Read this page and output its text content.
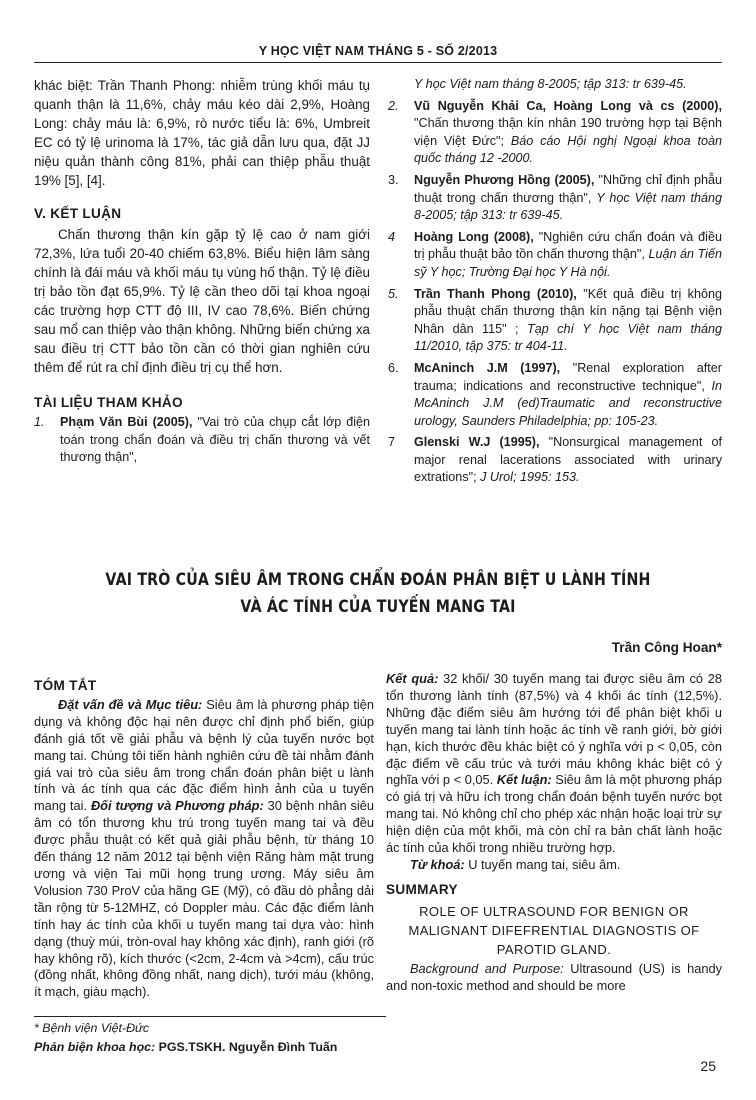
Y HỌC VIỆT NAM THÁNG 5 - SỐ 2/2013

khác biệt: Trần Thanh Phong: nhiễm trùng khối máu tụ quanh thận là 11,6%, chảy máu kéo dài 2,9%, Hoàng Long: chảy máu là: 6,9%, rò nước tiểu là: 6%, Umbreit EC có tỷ lệ urinoma là 17%, tác giả dẫn lưu qua, đặt JJ niệu quản thành công 81%, phải can thiệp phẫu thuật 19% [5], [4].

V. KẾT LUẬN

Chấn thương thận kín gặp tỷ lệ cao ở nam giới 72,3%, lứa tuổi 20-40 chiếm 63,8%. Biểu hiện lâm sàng chính là đái máu và khối máu tụ vùng hố thận. Tỷ lệ điều trị bảo tồn đạt 65,9%. Tỷ lệ cần theo dõi tại khoa ngoại các trường hợp CTT độ III, IV cao 78,6%. Biến chứng sau mổ can thiệp vào thận không. Những biến chứng xa sau điều trị CTT bảo tồn cần có thời gian nghiên cứu thêm để rút ra chỉ định điều trị cụ thể hơn.

TÀI LIỆU THAM KHẢO

1.	Phạm Văn Bùi (2005), "Vai trò của chụp cắt lớp điện toán trong chẩn đoán và điều trị chấn thương và vết thương thận",
Y học Việt nam tháng 8-2005; tập 313: tr 639-45.
2.	Vũ Nguyễn Khải Ca, Hoàng Long và cs (2000), "Chấn thương thận kín nhân 190 trường hợp tại Bệnh viện Việt Đức"; Báo cáo Hội nghị Ngoại khoa toàn quốc tháng 12 -2000.
3.	Nguyễn Phương Hồng (2005), "Những chỉ định phẫu thuật trong chấn thương thận", Y học Việt nam tháng 8-2005; tập 313: tr 639-45.
4	Hoàng Long (2008), "Nghiên cứu chẩn đoán và điều trị phẫu thuật bảo tồn chấn thương thận", Luận án Tiến sỹ Y học; Trường Đại học Y Hà nội.
5.	Trần Thanh Phong (2010), "Kết quả điều trị không phẫu thuật chấn thương thận kín nặng tại Bệnh viện Nhân dân 115" ; Tạp chí Y học Việt nam tháng 11/2010, tập 375: tr 404-11.
6.	McAninch J.M (1997), "Renal exploration after trauma; indications and reconstructive technique", In McAninch J.M (ed)Traumatic and reconstructive urology, Saunders Philadelphia; pp: 105-23.
7	Glenski W.J (1995), "Nonsurgical management of major renal lacerations associated with urinary extrations"; J Urol; 1995: 153.
VAI TRÒ CỦA SIÊU ÂM TRONG CHẨN ĐOÁN PHÂN BIỆT U LÀNH TÍNH
VÀ ÁC TÍNH CỦA TUYẾN MANG TAI
Trần Công Hoan*

TÓM TẮT

Đặt vấn đề và Mục tiêu: Siêu âm là phương pháp tiện dụng và không độc hại nên được chỉ định phổ biến, giúp đánh giá tốt về giải phẫu và bệnh lý của tuyến nước bọt mang tai. Chúng tôi tiến hành nghiên cứu đề tài nhằm đánh giá vai trò của siêu âm trong chẩn đoán phân biệt u lành tính và ác tính qua các đặc điểm hình ảnh của u tuyến mang tai. Đối tượng và Phương pháp: 30 bệnh nhân siêu âm có tổn thương khu trú trong tuyến mang tai và đều được phẫu thuật có kết quả giải phẫu bệnh, từ tháng 10 đến tháng 12 năm 2012 tại bệnh viện Răng hàm mặt trung ương và viện Tai mũi họng trung ương. Máy siêu âm Volusion 730 ProV của hãng GE (Mỹ), có đầu dò phẳng dải tần rộng từ 5-12MHZ, có Doppler màu. Các đặc điểm lành tính hay ác tính của khối u tuyến mang tai dựa vào: hình dạng (thuỳ múi, tròn-oval hay không xác định), ranh giới (rõ hay không rõ), kích thước (<2cm, 2-4cm và >4cm), cấu trúc (đồng nhất, không đồng nhất, nang dịch), tưới máu (không, ít mạch, giàu mạch).

Kết quả: 32 khối/ 30 tuyến mang tai được siêu âm có 28 tổn thương lành tính (87,5%) và 4 khối ác tính (12,5%). Những đặc điểm siêu âm hướng tới để phân biệt khối u tuyến mang tai lành tính hoặc ác tính về ranh giới, bờ giới hạn, kích thước đều khác biệt có ý nghĩa với p < 0,05, còn đặc điểm về cấu trúc và tưới máu không khác biệt có ý nghĩa với p < 0,05. Kết luận: Siêu âm là một phương pháp có giá trị và hữu ích trong chẩn đoán bệnh tuyến nước bọt mang tai. Nó không chỉ cho phép xác nhận hoặc loại trừ sự hiện diện của một khối, mà còn chỉ ra bản chất lành hoặc ác tính của khối trong nhiều trường hợp.

Từ khoá: U tuyến mang tai, siêu âm.

SUMMARY

ROLE OF ULTRASOUND FOR BENIGN OR
MALIGNANT DIFEFRENTIAL DIAGNOSTIS OF
PAROTID GLAND.

Background and Purpose: Ultrasound (US) is handy and non-toxic method and should be more

* Bệnh viện Việt-Đức
Phản biện khoa học: PGS.TSKH. Nguyễn Đình Tuấn
25
